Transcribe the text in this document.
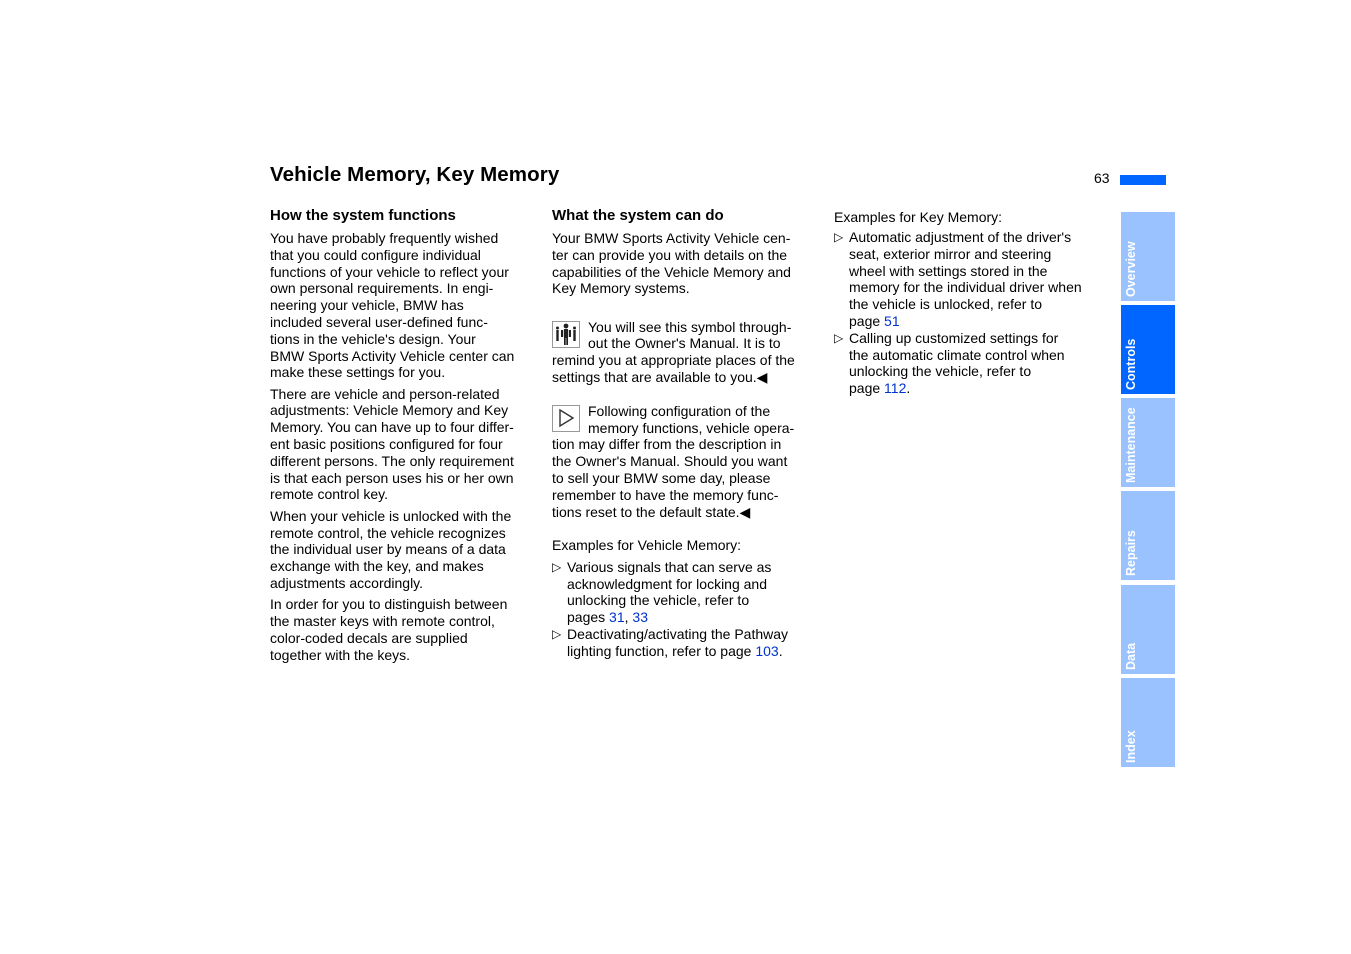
Vehicle Memory, Key Memory	63
How the system functions

You have probably frequently wished
that you could configure individual
functions of your vehicle to reflect your
own personal requirements. In engi-
neering your vehicle, BMW has
included several user-defined func-
tions in the vehicle's design. Your
BMW Sports Activity Vehicle center can
make these settings for you.

There are vehicle and person-related
adjustments: Vehicle Memory and Key
Memory. You can have up to four differ-
ent basic positions configured for four
different persons. The only requirement
is that each person uses his or her own
remote control key.

When your vehicle is unlocked with the
remote control, the vehicle recognizes
the individual user by means of a data
exchange with the key, and makes
adjustments accordingly.

In order for you to distinguish between
the master keys with remote control,
color-coded decals are supplied
together with the keys.

What the system can do

Your BMW Sports Activity Vehicle cen-
ter can provide you with details on the
capabilities of the Vehicle Memory and
Key Memory systems.

You will see this symbol through-
out the Owner's Manual. It is to
remind you at appropriate places of the
settings that are available to you.◀
Following configuration of the
memory functions, vehicle opera-
tion may differ from the description in
the Owner's Manual. Should you want
to sell your BMW some day, please
remember to have the memory func-
tions reset to the default state.◀

Examples for Vehicle Memory:

▷ Various signals that can serve as
acknowledgment for locking and
unlocking the vehicle, refer to
pages 31, 33
▷ Deactivating/activating the Pathway
lighting function, refer to page 103.
Examples for Key Memory:
▷ Automatic adjustment of the driver's
seat, exterior mirror and steering
wheel with settings stored in the
memory for the individual driver when
the vehicle is unlocked, refer to
page 51
▷ Calling up customized settings for
the automatic climate control when
unlocking the vehicle, refer to
page 112.
Overview
Controls
Maintenance
Repairs
Data
Index
